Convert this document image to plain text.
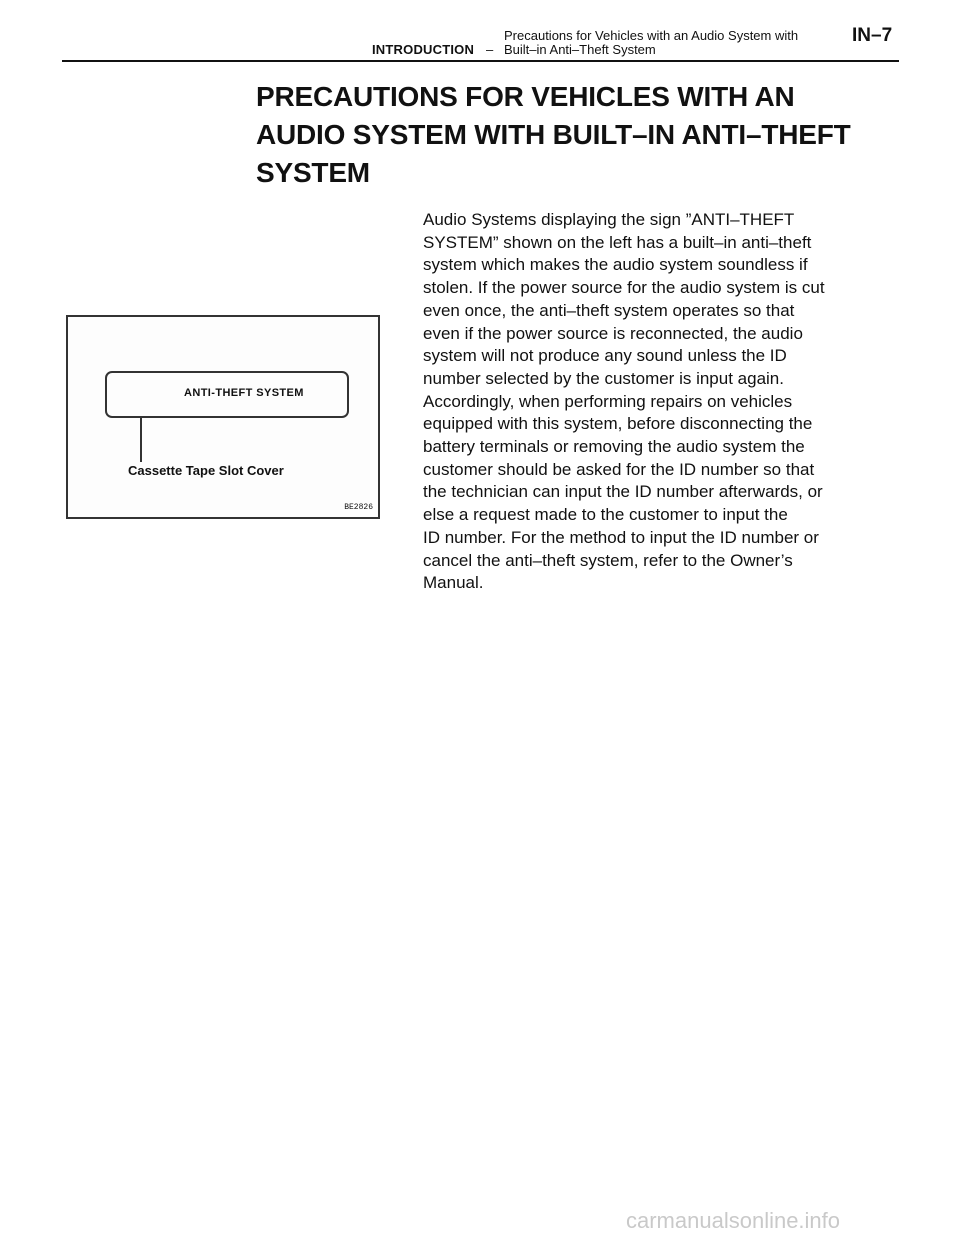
INTRODUCTION –
Precautions for Vehicles with an Audio System with
Built–in Anti–Theft System
IN–7
PRECAUTIONS FOR VEHICLES WITH AN
AUDIO SYSTEM WITH BUILT–IN ANTI–THEFT
SYSTEM
ANTI-THEFT SYSTEM
Cassette Tape Slot Cover
BE2826
Audio Systems displaying the sign ”ANTI–THEFT
SYSTEM” shown on the left has a built–in anti–theft
system which makes the audio system soundless if
stolen. If the power source for the audio system is cut
even once, the anti–theft system operates so that
even if the power source is reconnected, the audio
system will not produce any sound unless the ID
number selected by the customer is input again.
Accordingly, when performing repairs on vehicles
equipped with this system, before disconnecting the
battery terminals or removing the audio system the
customer should be asked for the ID number so that
the technician can input the ID number afterwards, or
else a request made to the customer to input the
ID number. For the method to input the ID number or
cancel the anti–theft system, refer to the Owner’s
Manual.
carmanualsonline.info
